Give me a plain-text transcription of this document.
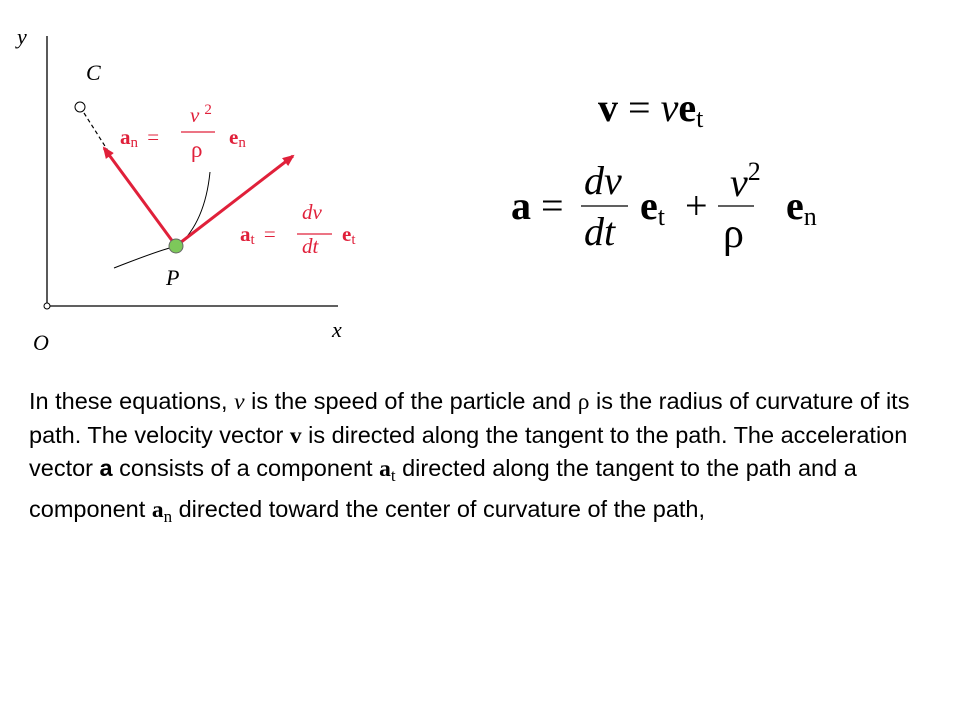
y
x
O
C
P
an =
v $^2$
ρ en
at =
dv
dt et
v = vet
a =
dv
dt
et +
$v^2$
ρ
en

In these equations, v is the speed of the particle and ρ is the radius of curvature of its path. The velocity vector v is directed along the tangent to the path. The acceleration vector a consists of a component $a_t$ directed along the tangent to the path and a component $a_n$ directed toward the center of curvature of the path,
